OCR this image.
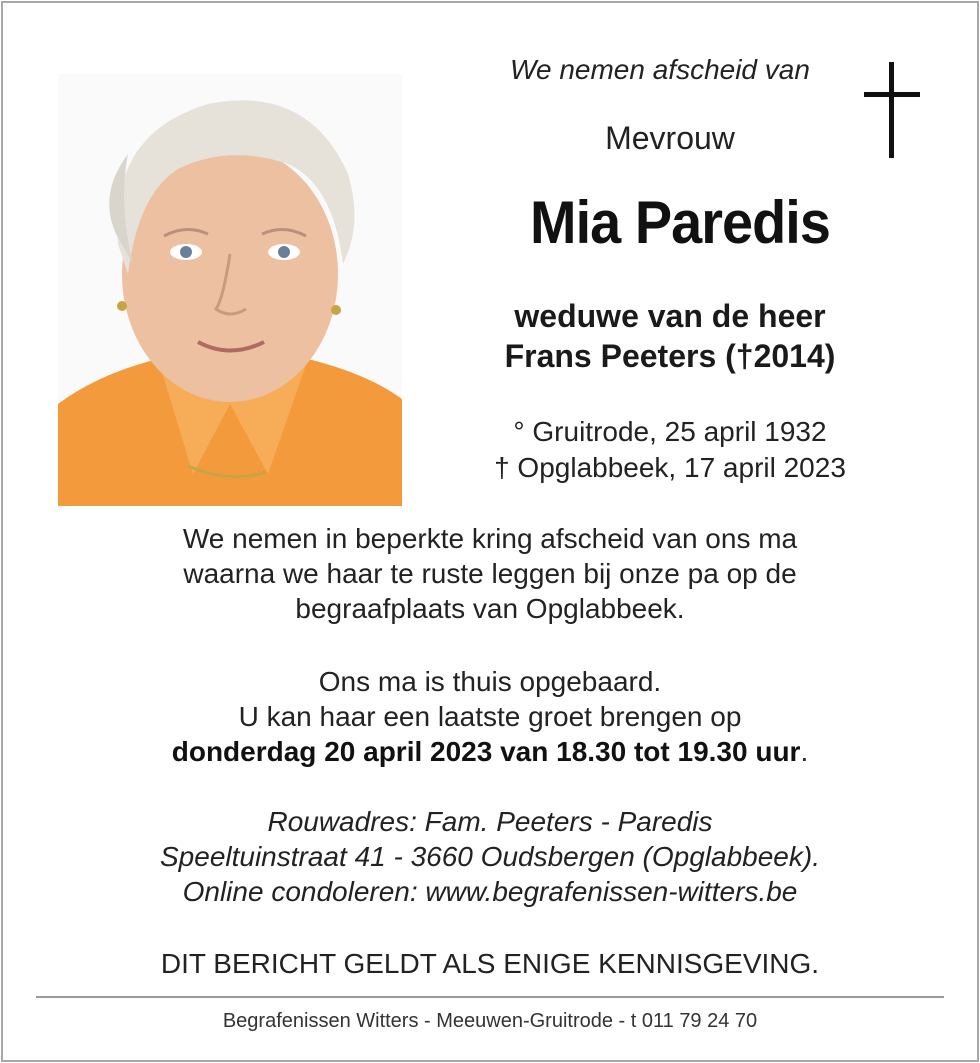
We nemen afscheid van
Mevrouw
Mia Paredis
weduwe van de heer
Frans Peeters (†2014)
° Gruitrode, 25 april 1932
† Opglabbeek, 17 april 2023
We nemen in beperkte kring afscheid van ons ma
waarna we haar te ruste leggen bij onze pa op de
begraafplaats van Opglabbeek.
Ons ma is thuis opgebaard.
U kan haar een laatste groet brengen op
donderdag 20 april 2023 van 18.30 tot 19.30 uur.
Rouwadres: Fam. Peeters - Paredis
Speeltuinstraat 41 - 3660 Oudsbergen (Opglabbeek).
Online condoleren: www.begrafenissen-witters.be
DIT BERICHT GELDT ALS ENIGE KENNISGEVING.
Begrafenissen Witters - Meeuwen-Gruitrode - t 011 79 24 70
